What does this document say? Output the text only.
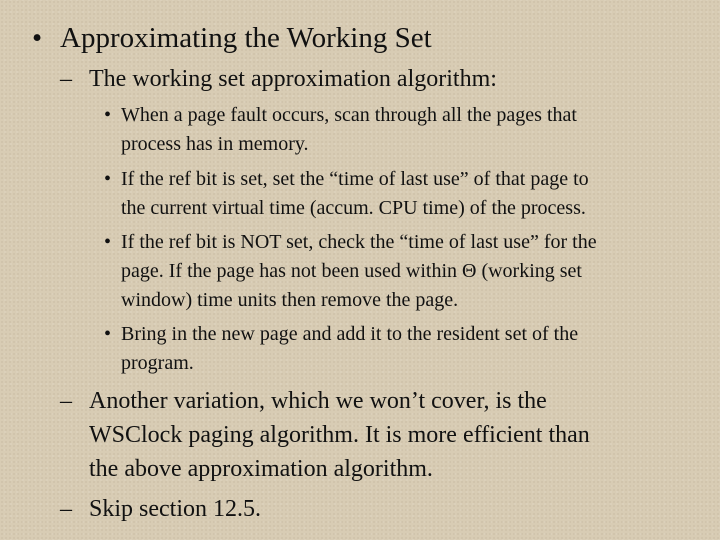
• Approximating the Working Set
– The working set approximation algorithm:
• When a page fault occurs, scan through all the pages that
process has in memory.
• If the ref bit is set, set the “time of last use” of that page to
the current virtual time (accum. CPU time) of the process.
• If the ref bit is NOT set, check the “time of last use” for the
page. If the page has not been used within Θ (working set
window) time units then remove the page.
• Bring in the new page and add it to the resident set of the
program.
– Another variation, which we won’t cover, is the
WSClock paging algorithm. It is more efficient than
the above approximation algorithm.
– Skip section 12.5.
